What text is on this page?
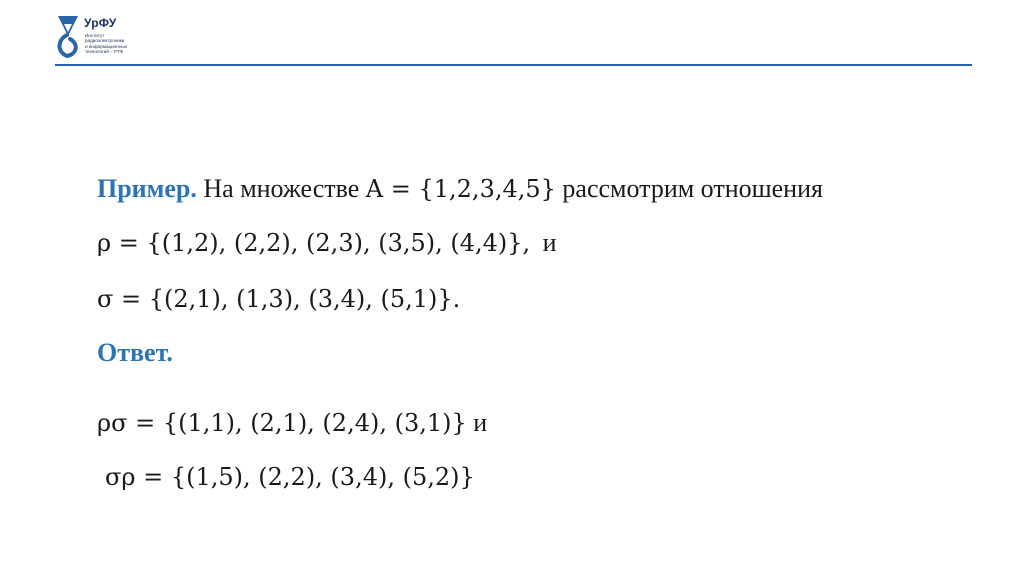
УрФУ
Институт
радиоэлектроники
и информационных
технологий – РТФ
Пример. На множестве A = {1,2,3,4,5} рассмотрим отношения
ρ = {(1,2), (2,2), (2,3), (3,5), (4,4)}, и
σ = {(2,1), (1,3), (3,4), (5,1)}.
Ответ.
ρσ = {(1,1), (2,1), (2,4), (3,1)} и
σρ = {(1,5), (2,2), (3,4), (5,2)}
